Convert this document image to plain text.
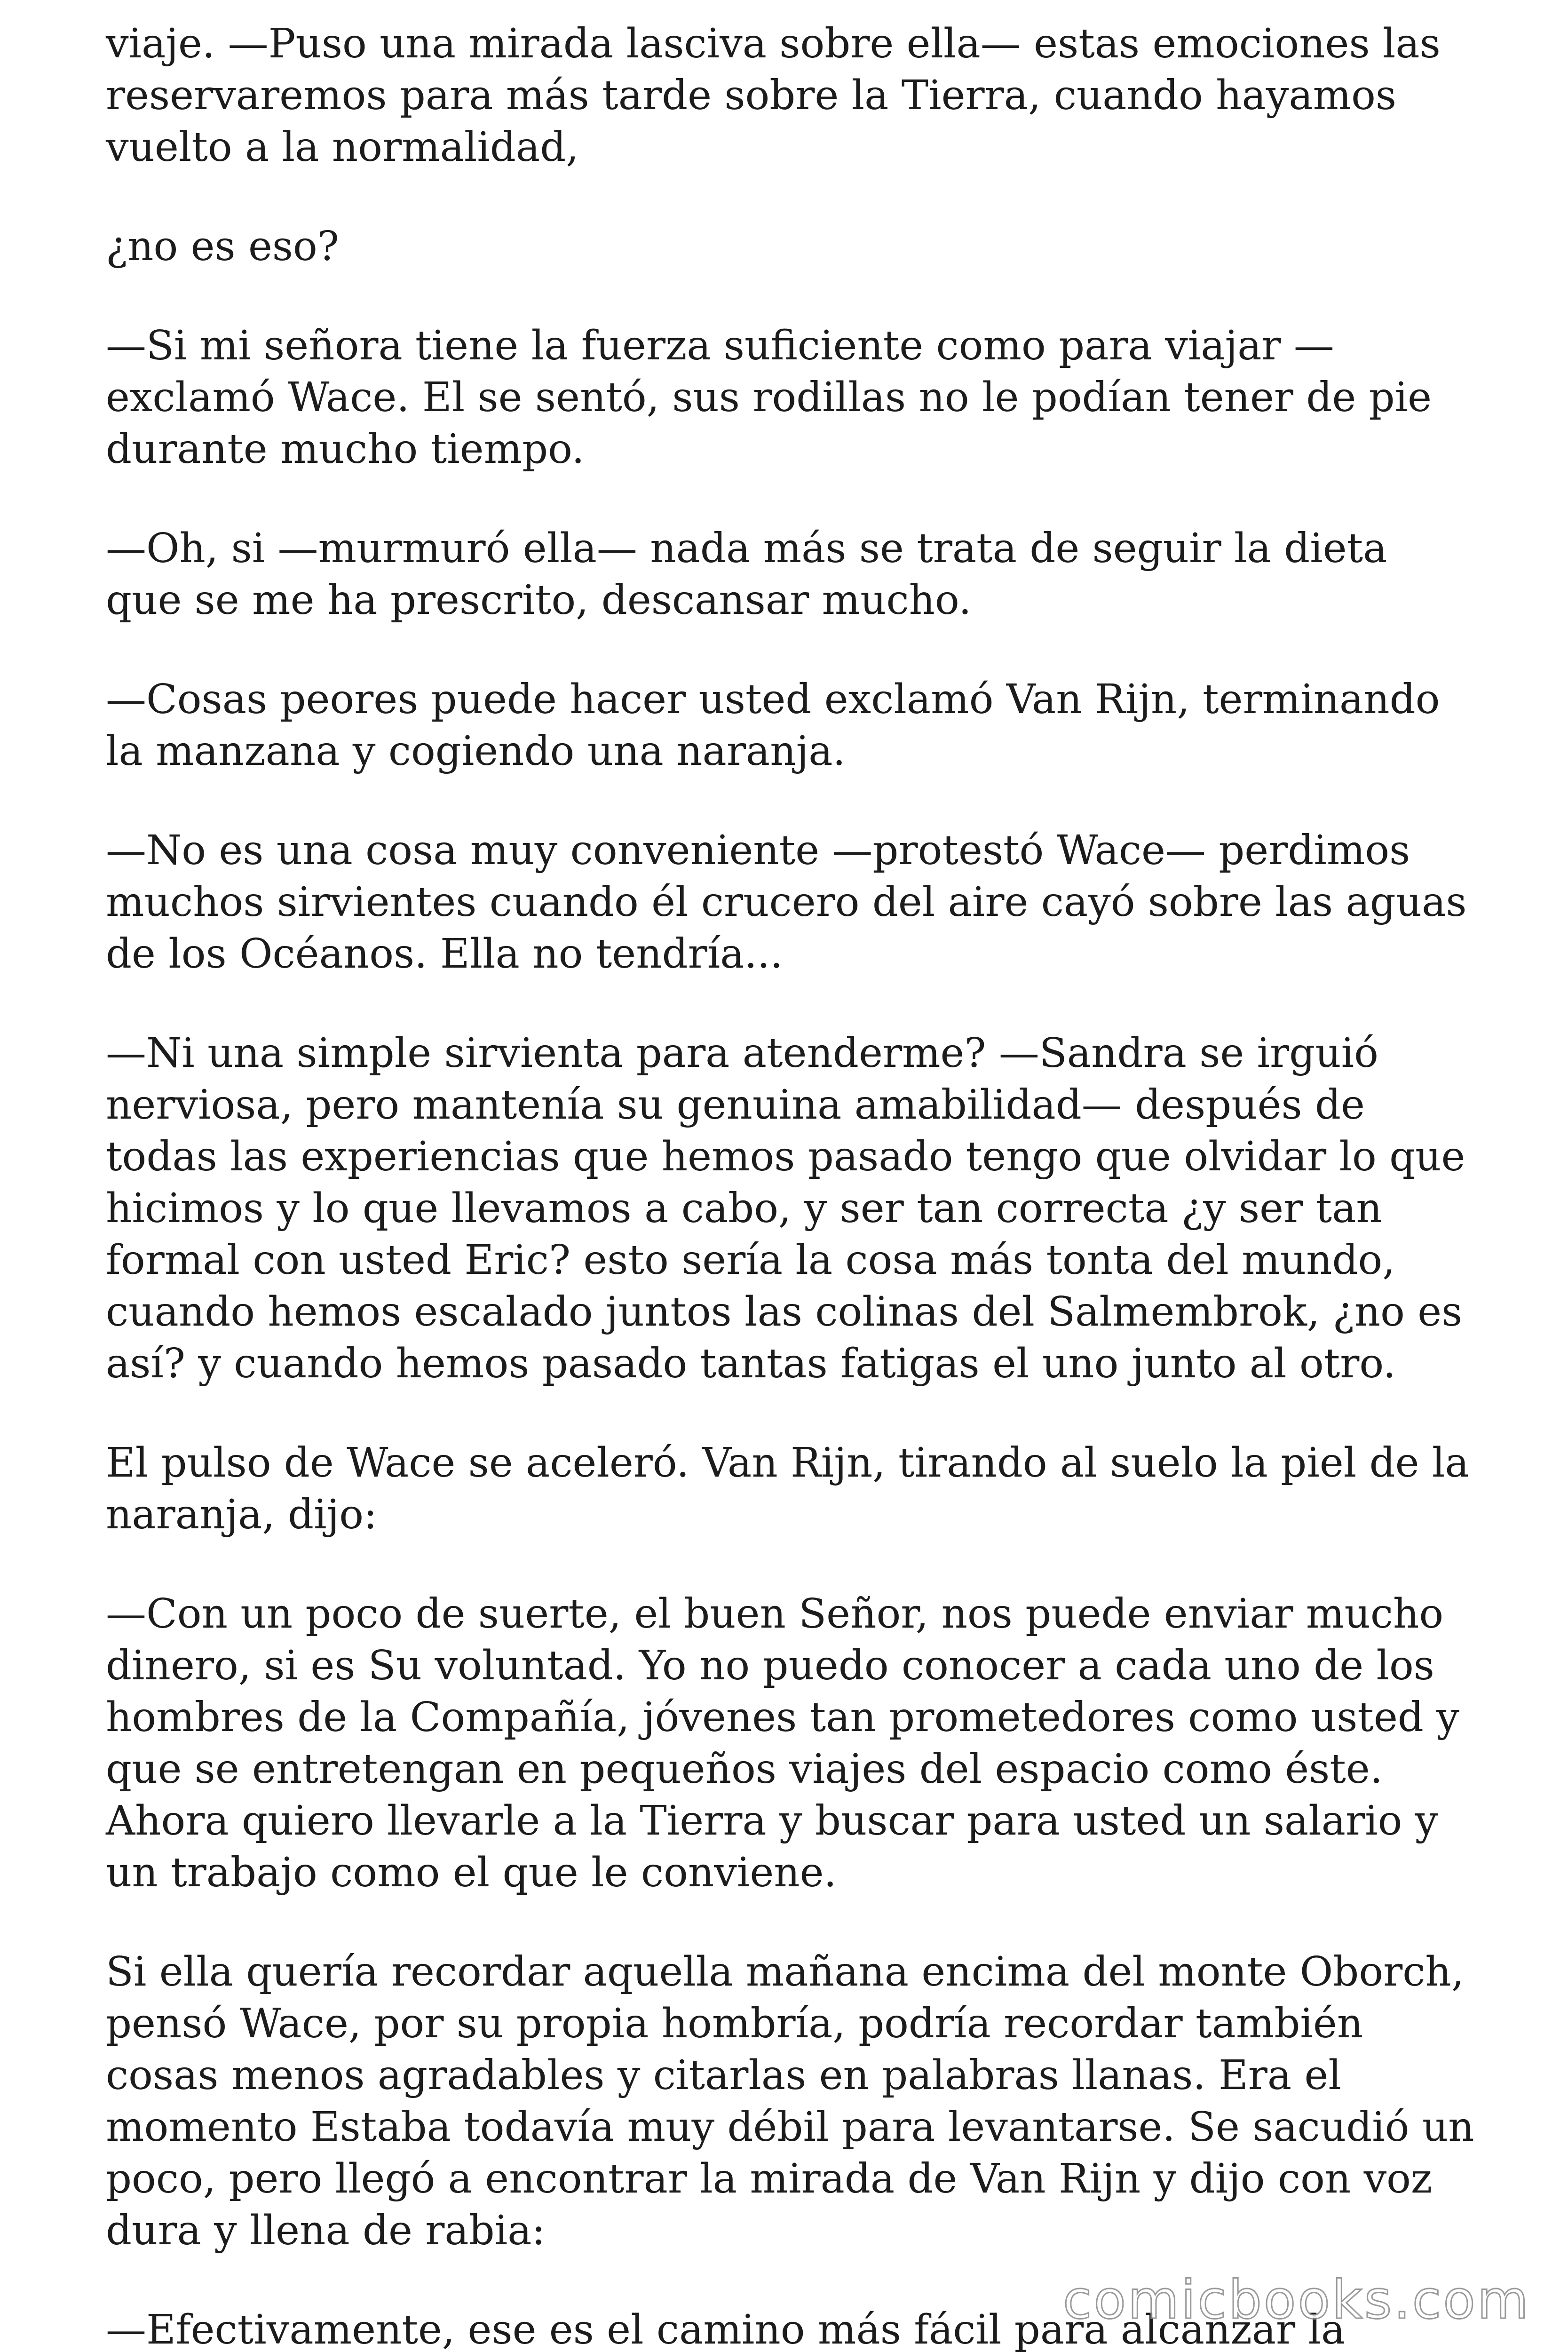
viaje. —Puso una mirada lasciva sobre ella— estas emociones las reservaremos para más tarde sobre la Tierra, cuando hayamos vuelto a la normalidad,

¿no es eso?

—Si mi señora tiene la fuerza suficiente como para viajar —exclamó Wace. El se sentó, sus rodillas no le podían tener de pie durante mucho tiempo.

—Oh, si —murmuró ella— nada más se trata de seguir la dieta que se me ha prescrito, descansar mucho.

—Cosas peores puede hacer usted exclamó Van Rijn, terminando la manzana y cogiendo una naranja.

—No es una cosa muy conveniente —protestó Wace— perdimos muchos sirvientes cuando él crucero del aire cayó sobre las aguas de los Océanos. Ella no tendría...

—Ni una simple sirvienta para atenderme? —Sandra se irguió nerviosa, pero mantenía su genuina amabilidad— después de todas las experiencias que hemos pasado tengo que olvidar lo que hicimos y lo que llevamos a cabo, y ser tan correcta ¿y ser tan formal con usted Eric? esto sería la cosa más tonta del mundo, cuando hemos escalado juntos las colinas del Salmembrok, ¿no es así? y cuando hemos pasado tantas fatigas el uno junto al otro.

El pulso de Wace se aceleró. Van Rijn, tirando al suelo la piel de la naranja, dijo:

—Con un poco de suerte, el buen Señor, nos puede enviar mucho dinero, si es Su voluntad. Yo no puedo conocer a cada uno de los hombres de la Compañía, jóvenes tan prometedores como usted y que se entretengan en pequeños viajes del espacio como éste. Ahora quiero llevarle a la Tierra y buscar para usted un salario y un trabajo como el que le conviene.

Si ella quería recordar aquella mañana encima del monte Oborch, pensó Wace, por su propia hombría, podría recordar también cosas menos agradables y citarlas en palabras llanas. Era el momento Estaba todavía muy débil para levantarse. Se sacudió un poco, pero llegó a encontrar la mirada de Van Rijn y dijo con voz dura y llena de rabia:

—Efectivamente, ese es el camino más fácil para alcanzar la

comicbooks.com
